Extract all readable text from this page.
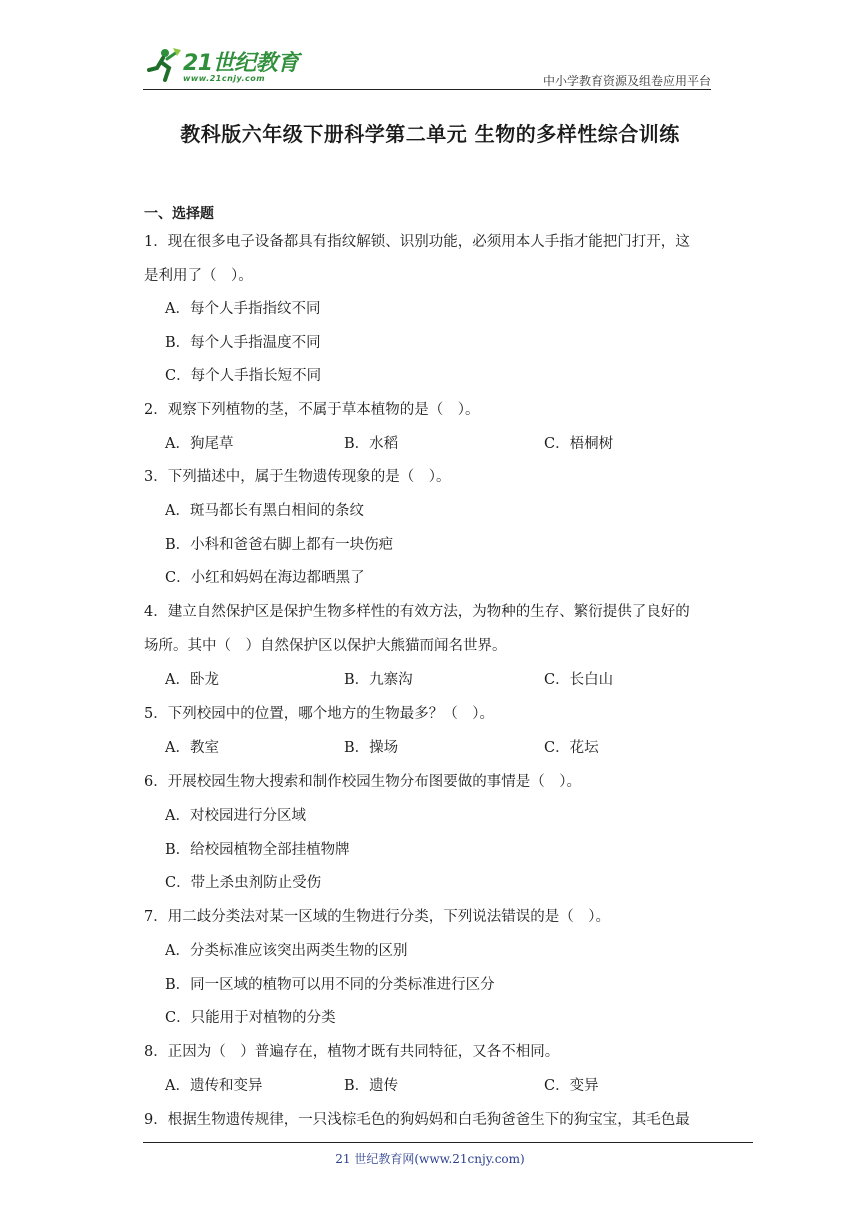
21世纪教育
www.21cnjy.com	中小学教育资源及组卷应用平台
教科版六年级下册科学第二单元 生物的多样性综合训练
一、选择题
1．现在很多电子设备都具有指纹解锁、识别功能，必须用本人手指才能把门打开，这
是利用了（　）。
A．每个人手指指纹不同
B．每个人手指温度不同
C．每个人手指长短不同
2．观察下列植物的茎，不属于草本植物的是（　）。
A．狗尾草	B．水稻	C．梧桐树
3．下列描述中，属于生物遗传现象的是（　）。
A．斑马都长有黑白相间的条纹
B．小科和爸爸右脚上都有一块伤疤
C．小红和妈妈在海边都晒黑了
4．建立自然保护区是保护生物多样性的有效方法，为物种的生存、繁衍提供了良好的
场所。其中（　）自然保护区以保护大熊猫而闻名世界。
A．卧龙	B．九寨沟	C．长白山
5．下列校园中的位置，哪个地方的生物最多？（　）。
A．教室	B．操场	C．花坛
6．开展校园生物大搜索和制作校园生物分布图要做的事情是（　）。
A．对校园进行分区域
B．给校园植物全部挂植物牌
C．带上杀虫剂防止受伤
7．用二歧分类法对某一区域的生物进行分类，下列说法错误的是（　）。
A．分类标准应该突出两类生物的区别
B．同一区域的植物可以用不同的分类标准进行区分
C．只能用于对植物的分类
8．正因为（　）普遍存在，植物才既有共同特征，又各不相同。
A．遗传和变异	B．遗传	C．变异
9．根据生物遗传规律，一只浅棕毛色的狗妈妈和白毛狗爸爸生下的狗宝宝，其毛色最
21 世纪教育网(www.21cnjy.com)
